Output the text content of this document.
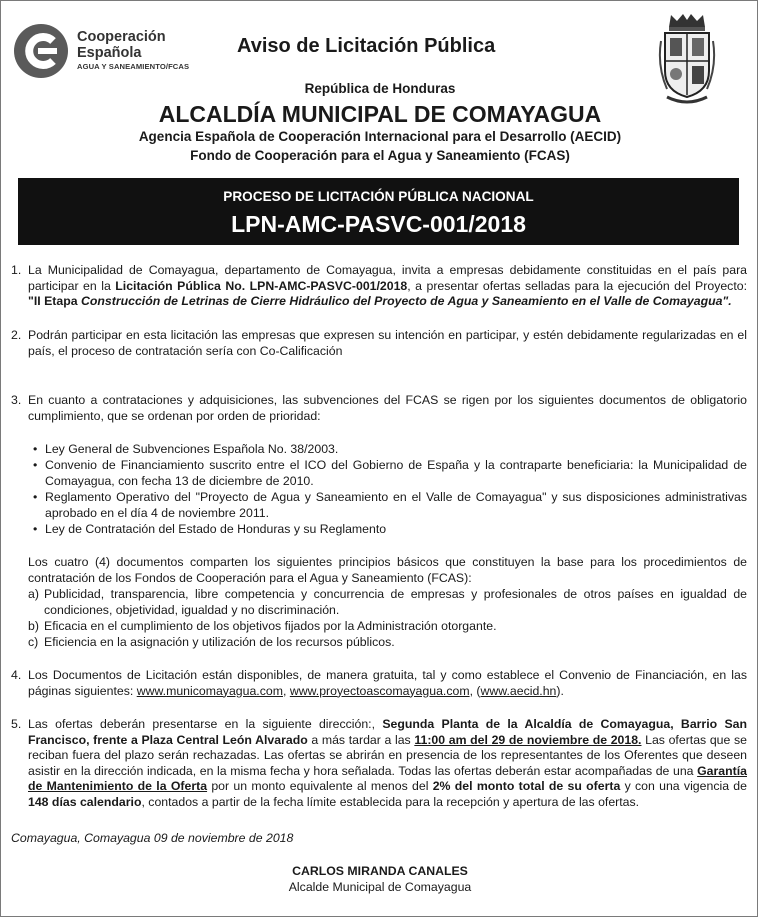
Cooperación
Española
AGUA Y SANEAMIENTO/FCAS
Aviso de Licitación Pública
República de Honduras
ALCALDÍA MUNICIPAL DE COMAYAGUA
Agencia Española de Cooperación Internacional para el Desarrollo (AECID)
Fondo de Cooperación para el Agua y Saneamiento (FCAS)
PROCESO DE LICITACIÓN PÚBLICA NACIONAL
LPN-AMC-PASVC-001/2018
1. La Municipalidad de Comayagua, departamento de Comayagua, invita a empresas debidamente constituidas en el país para participar en la Licitación Pública No. LPN-AMC-PASVC-001/2018, a presentar ofertas selladas para la ejecución del Proyecto: "II Etapa Construcción de Letrinas de Cierre Hidráulico del Proyecto de Agua y Saneamiento en el Valle de Comayagua".
2. Podrán participar en esta licitación las empresas que expresen su intención en participar, y estén debidamente regularizadas en el país, el proceso de contratación sería con Co-Calificación
3. En cuanto a contrataciones y adquisiciones, las subvenciones del FCAS se rigen por los siguientes documentos de obligatorio cumplimiento, que se ordenan por orden de prioridad:
• Ley General de Subvenciones Española No. 38/2003.
• Convenio de Financiamiento suscrito entre el ICO del Gobierno de España y la contraparte beneficiaria: la Municipalidad de Comayagua, con fecha 13 de diciembre de 2010.
• Reglamento Operativo del "Proyecto de Agua y Saneamiento en el Valle de Comayagua" y sus disposiciones administrativas aprobado en el día 4 de noviembre 2011.
• Ley de Contratación del Estado de Honduras y su Reglamento
Los cuatro (4) documentos comparten los siguientes principios básicos que constituyen la base para los procedimientos de contratación de los Fondos de Cooperación para el Agua y Saneamiento (FCAS):
a) Publicidad, transparencia, libre competencia y concurrencia de empresas y profesionales de otros países en igualdad de condiciones, objetividad, igualdad y no discriminación.
b) Eficacia en el cumplimiento de los objetivos fijados por la Administración otorgante.
c) Eficiencia en la asignación y utilización de los recursos públicos.
4. Los Documentos de Licitación están disponibles, de manera gratuita, tal y como establece el Convenio de Financiación, en las páginas siguientes: www.municomayagua.com, www.proyectoascomayagua.com, (www.aecid.hn).
5. Las ofertas deberán presentarse en la siguiente dirección:, Segunda Planta de la Alcaldía de Comayagua, Barrio San Francisco, frente a Plaza Central León Alvarado a más tardar a las 11:00 am del 29 de noviembre de 2018. Las ofertas que se reciban fuera del plazo serán rechazadas. Las ofertas se abrirán en presencia de los representantes de los Oferentes que deseen asistir en la dirección indicada, en la misma fecha y hora señalada. Todas las ofertas deberán estar acompañadas de una Garantía de Mantenimiento de la Oferta por un monto equivalente al menos del 2% del monto total de su oferta y con una vigencia de 148 días calendario, contados a partir de la fecha límite establecida para la recepción y apertura de las ofertas.
Comayagua, Comayagua 09 de noviembre de 2018
CARLOS MIRANDA CANALES
Alcalde Municipal de Comayagua
